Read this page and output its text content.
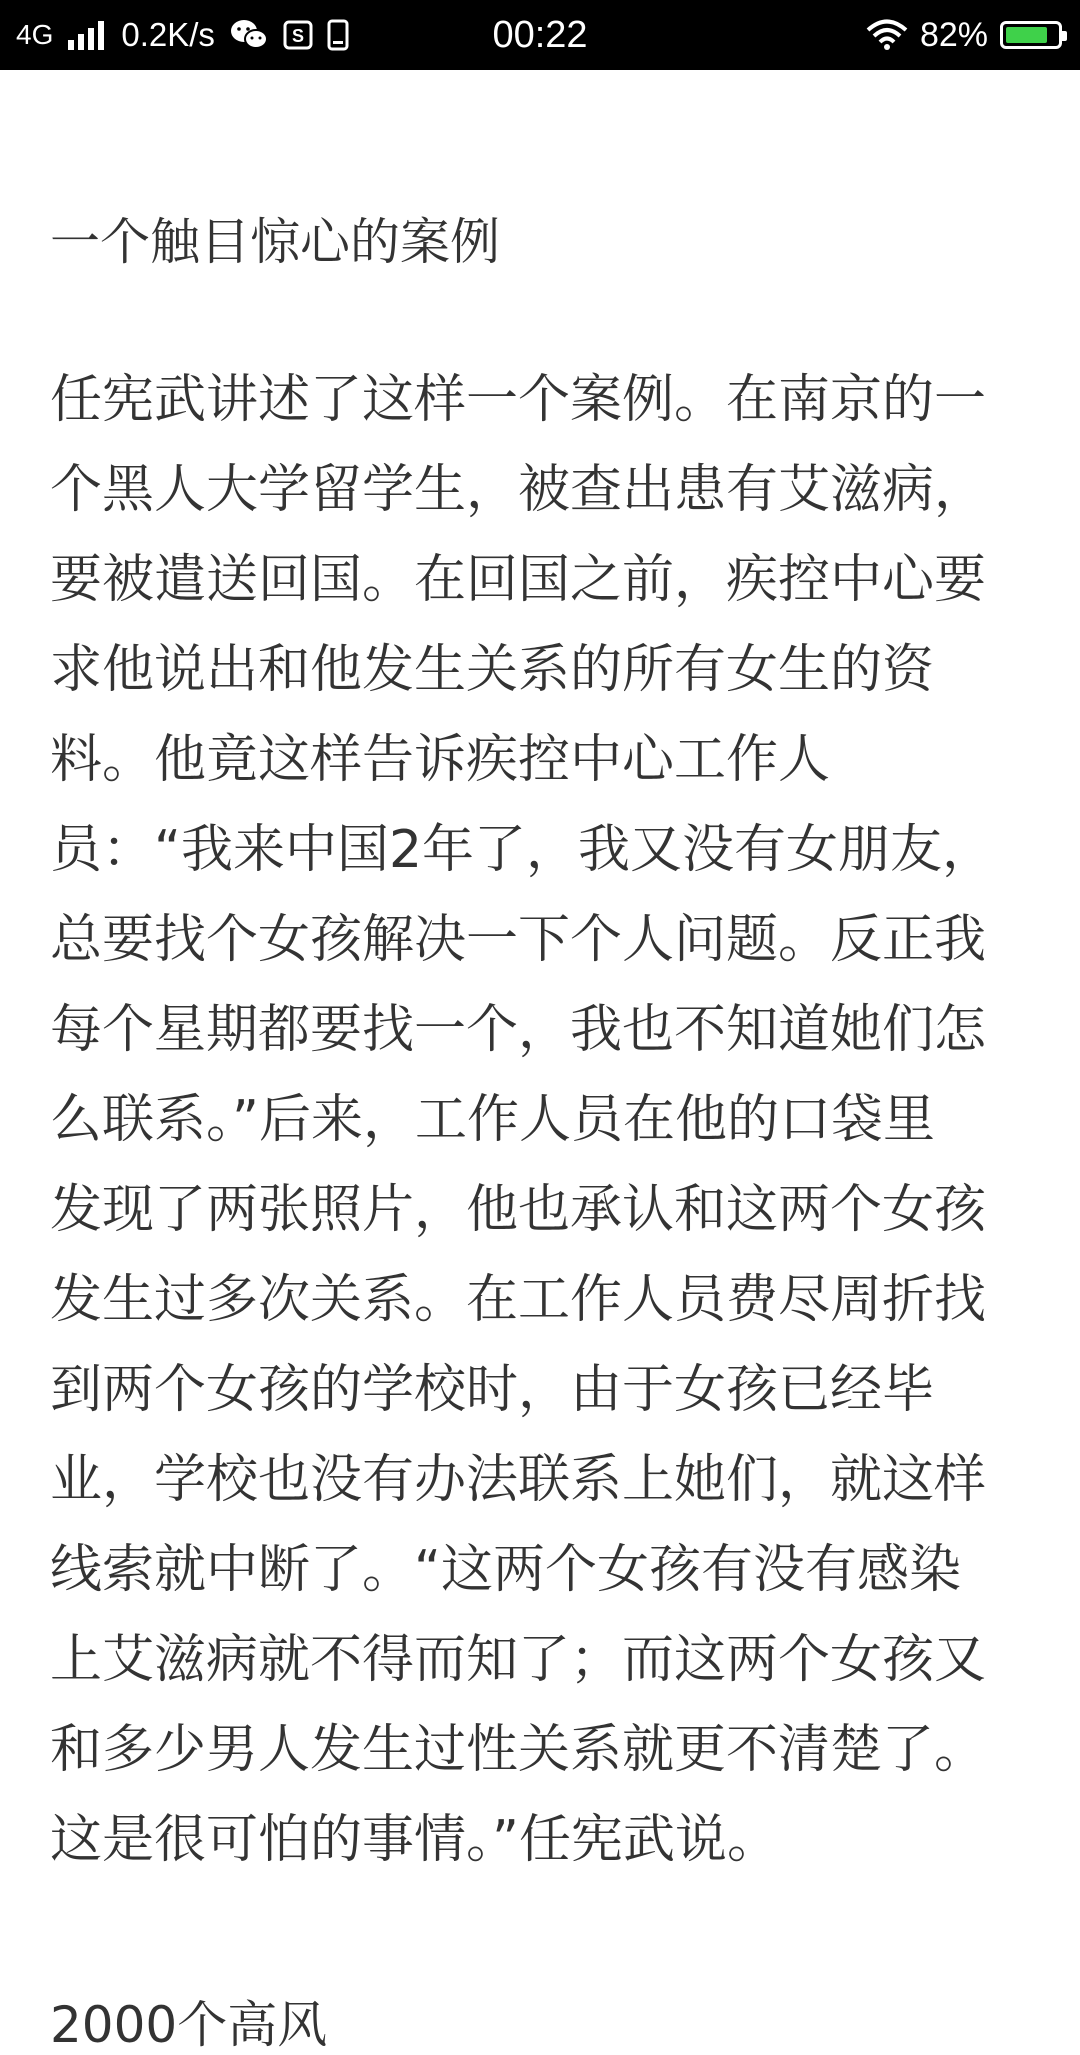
4G 0.2K/s	S	00:22	82%
一个触目惊心的案例

任宪武讲述了这样一个案例。在南京的一
个黑人大学留学生，被查出患有艾滋病，
要被遣送回国。在回国之前，疾控中心要
求他说出和他发生关系的所有女生的资
料。他竟这样告诉疾控中心工作人
员：“我来中国2年了，我又没有女朋友，
总要找个女孩解决一下个人问题。反正我
每个星期都要找一个，我也不知道她们怎
么联系。”后来，工作人员在他的口袋里
发现了两张照片，他也承认和这两个女孩
发生过多次关系。在工作人员费尽周折找
到两个女孩的学校时，由于女孩已经毕
业，学校也没有办法联系上她们，就这样
线索就中断了。“这两个女孩有没有感染
上艾滋病就不得而知了；而这两个女孩又
和多少男人发生过性关系就更不清楚了。
这是很可怕的事情。”任宪武说。

2000个高风
